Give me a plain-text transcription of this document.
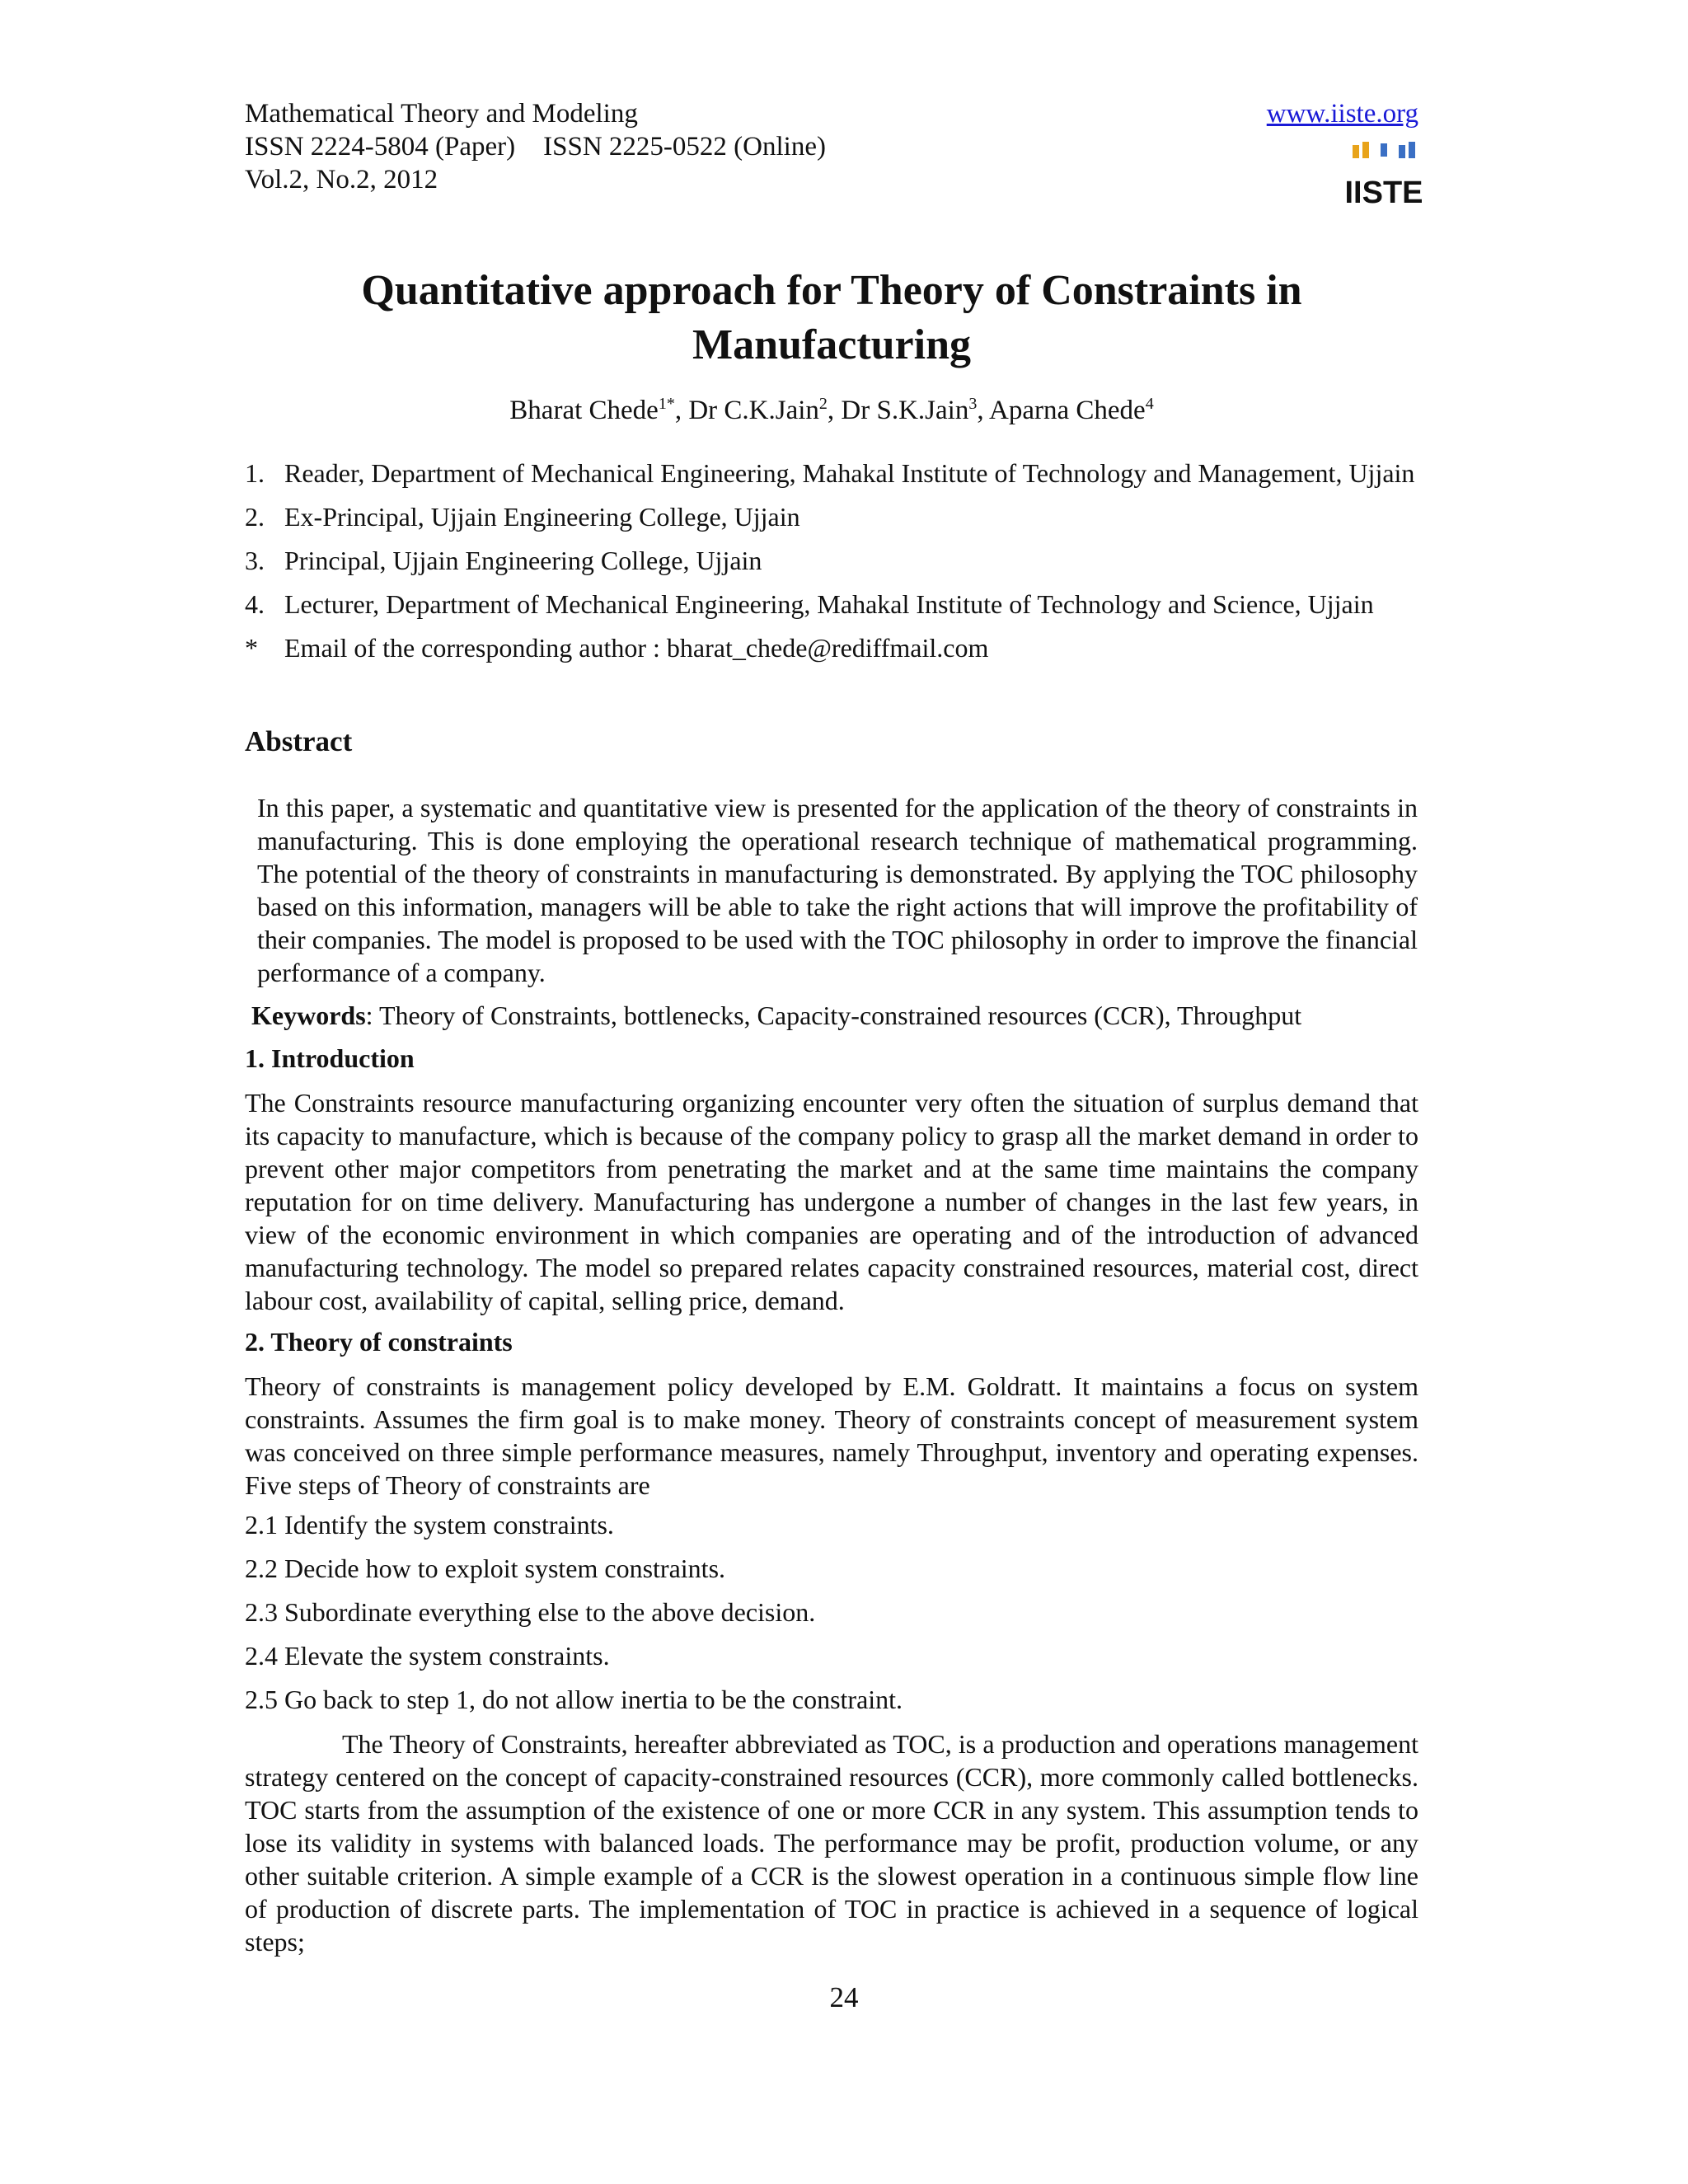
Mathematical Theory and Modeling
ISSN 2224-5804 (Paper) ISSN 2225-0522 (Online)
Vol.2, No.2, 2012
www.iiste.org
IISTE
Quantitative approach for Theory of Constraints in Manufacturing
Bharat Chede$^{1*}$, Dr C.K.Jain$^2$, Dr S.K.Jain$^3$, Aparna Chede$^4$
1. Reader, Department of Mechanical Engineering, Mahakal Institute of Technology and Management, Ujjain
2. Ex-Principal, Ujjain Engineering College, Ujjain
3. Principal, Ujjain Engineering College, Ujjain
4. Lecturer, Department of Mechanical Engineering, Mahakal Institute of Technology and Science, Ujjain
*	Email of the corresponding author : bharat_chede@rediffmail.com
Abstract
In this paper, a systematic and quantitative view is presented for the application of the theory of constraints in manufacturing. This is done employing the operational research technique of mathematical programming. The potential of the theory of constraints in manufacturing is demonstrated. By applying the TOC philosophy based on this information, managers will be able to take the right actions that will improve the profitability of their companies. The model is proposed to be used with the TOC philosophy in order to improve the financial performance of a company.
Keywords: Theory of Constraints, bottlenecks, Capacity-constrained resources (CCR), Throughput
1. Introduction
The Constraints resource manufacturing organizing encounter very often the situation of surplus demand that its capacity to manufacture, which is because of the company policy to grasp all the market demand in order to prevent other major competitors from penetrating the market and at the same time maintains the company reputation for on time delivery. Manufacturing has undergone a number of changes in the last few years, in view of the economic environment in which companies are operating and of the introduction of advanced manufacturing technology. The model so prepared relates capacity constrained resources, material cost, direct labour cost, availability of capital, selling price, demand.
2. Theory of constraints
Theory of constraints is management policy developed by E.M. Goldratt. It maintains a focus on system constraints. Assumes the firm goal is to make money. Theory of constraints concept of measurement system was conceived on three simple performance measures, namely Throughput, inventory and operating expenses. Five steps of Theory of constraints are
2.1 Identify the system constraints.
2.2 Decide how to exploit system constraints.
2.3 Subordinate everything else to the above decision.
2.4 Elevate the system constraints.
2.5 Go back to step 1, do not allow inertia to be the constraint.
The Theory of Constraints, hereafter abbreviated as TOC, is a production and operations management strategy centered on the concept of capacity-constrained resources (CCR), more commonly called bottlenecks. TOC starts from the assumption of the existence of one or more CCR in any system. This assumption tends to lose its validity in systems with balanced loads. The performance may be profit, production volume, or any other suitable criterion. A simple example of a CCR is the slowest operation in a continuous simple flow line of production of discrete parts. The implementation of TOC in practice is achieved in a sequence of logical steps;
24
